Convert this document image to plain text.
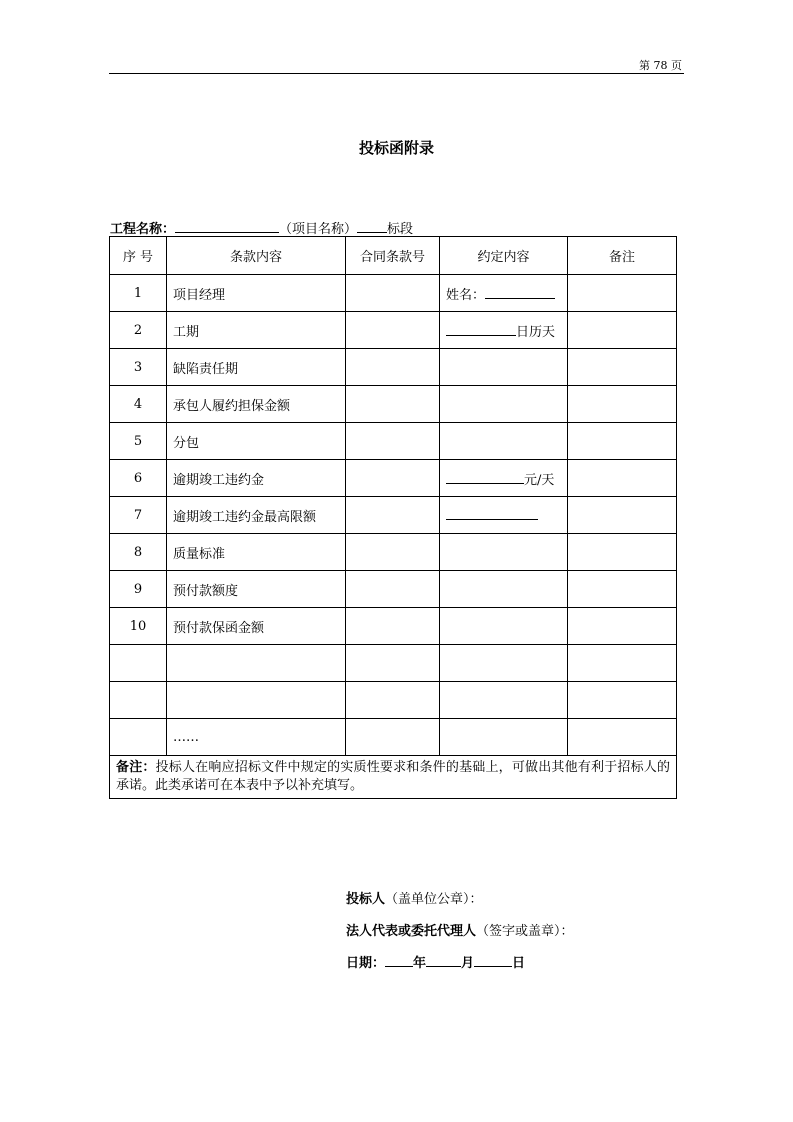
第 78 页
投标函附录
工程名称：	（项目名称） 标段
序 号	条款内容	合同条款号	约定内容	备注
1	项目经理		姓名：	
2	工期		日历天	
3	缺陷责任期			
4	承包人履约担保金额			
5	分包			
6	逾期竣工违约金		元/天	
7	逾期竣工违约金最高限额			
8	质量标准			
9	预付款额度			
10	预付款保函金额			

	……			
备注：投标人在响应招标文件中规定的实质性要求和条件的基础上，可做出其他有利于招标人的承诺。此类承诺可在本表中予以补充填写。				
投标人（盖单位公章）：
法人代表或委托代理人（签字或盖章）：
日期： 年	月	日
